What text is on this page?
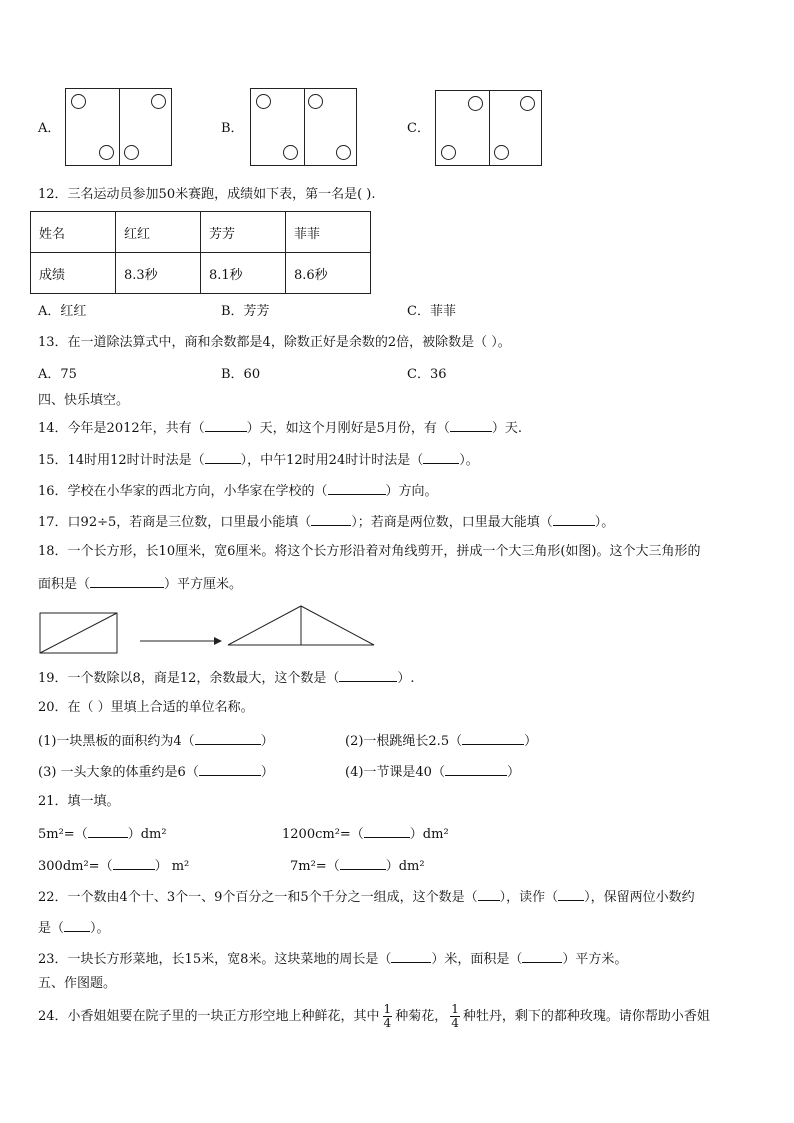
A．	B．	C．
12．三名运动员参加50米赛跑，成绩如下表，第一名是( ).
姓名	红红	芳芳	菲菲
成绩	8.3秒	8.1秒	8.6秒
A．红红	B．芳芳	C．菲菲
13．在一道除法算式中，商和余数都是4，除数正好是余数的2倍，被除数是（ ）。
A．75	B．60	C．36
四、快乐填空。
14．今年是2012年，共有（	）天，如这个月刚好是5月份，有（	）天.
15．14时用12时计时法是（	），中午12时用24时计时法是（	）。
16．学校在小华家的西北方向，小华家在学校的（	）方向。
17．口92÷5，若商是三位数，口里最小能填（	）；若商是两位数，口里最大能填（	）。
18．一个长方形，长10厘米，宽6厘米。将这个长方形沿着对角线剪开，拼成一个大三角形(如图)。这个大三角形的
面积是（	）平方厘米。
19．一个数除以8，商是12，余数最大，这个数是（	）.
20．在（ ）里填上合适的单位名称。
(1)一块黑板的面积约为4（	）	(2)一根跳绳长2.5（	）
(3) 一头大象的体重约是6（	）	(4)一节课是40（	）
21．填一填。
5m²=（	）dm²	1200cm²=（	）dm²
300dm²=（	） m²	7m²=（	）dm²
22．一个数由4个十、3个一、9个百分之一和5个千分之一组成，这个数是（ ），读作（ ），保留两位小数约
是（ ）。
23．一块长方形菜地，长15米，宽8米。这块菜地的周长是（	）米，面积是（	）平方米。
五、作图题。
24．小香姐姐要在院子里的一块正方形空地上种鲜花，其中 $\frac{1}{4}$ 种菊花， $\frac{1}{4}$ 种牡丹，剩下的都种玫瑰。请你帮助小香姐
